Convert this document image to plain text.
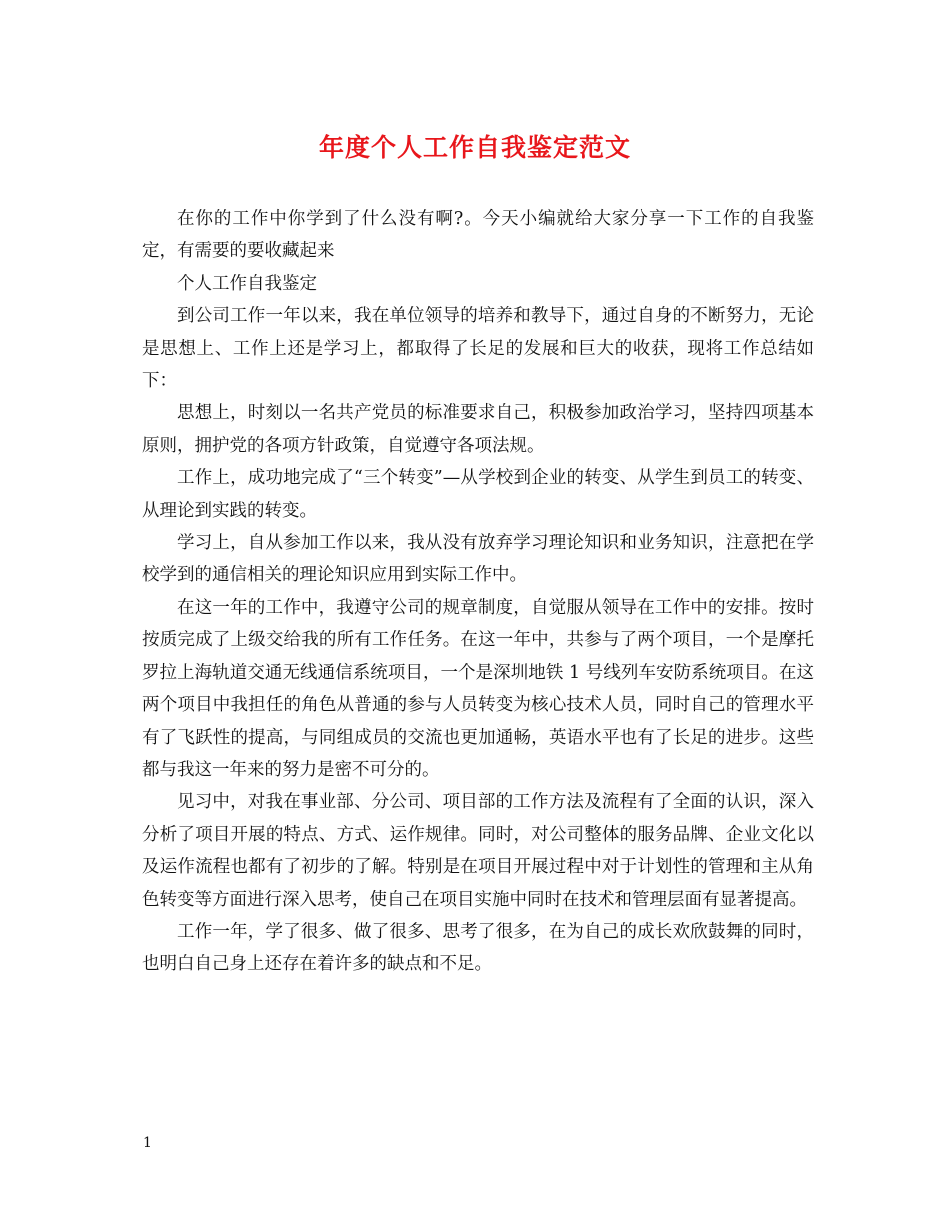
年度个人工作自我鉴定范文

在你的工作中你学到了什么没有啊?。今天小编就给大家分享一下工作的自我鉴定，有需要的要收藏起来

个人工作自我鉴定

到公司工作一年以来，我在单位领导的培养和教导下，通过自身的不断努力，无论是思想上、工作上还是学习上，都取得了长足的发展和巨大的收获，现将工作总结如下：

思想上，时刻以一名共产党员的标准要求自己，积极参加政治学习，坚持四项基本原则，拥护党的各项方针政策，自觉遵守各项法规。

工作上，成功地完成了“三个转变”—从学校到企业的转变、从学生到员工的转变、从理论到实践的转变。

学习上，自从参加工作以来，我从没有放弃学习理论知识和业务知识，注意把在学校学到的通信相关的理论知识应用到实际工作中。

在这一年的工作中，我遵守公司的规章制度，自觉服从领导在工作中的安排。按时按质完成了上级交给我的所有工作任务。在这一年中，共参与了两个项目，一个是摩托罗拉上海轨道交通无线通信系统项目，一个是深圳地铁 1 号线列车安防系统项目。在这两个项目中我担任的角色从普通的参与人员转变为核心技术人员，同时自己的管理水平有了飞跃性的提高，与同组成员的交流也更加通畅，英语水平也有了长足的进步。这些都与我这一年来的努力是密不可分的。

见习中，对我在事业部、分公司、项目部的工作方法及流程有了全面的认识，深入分析了项目开展的特点、方式、运作规律。同时，对公司整体的服务品牌、企业文化以及运作流程也都有了初步的了解。特别是在项目开展过程中对于计划性的管理和主从角色转变等方面进行深入思考，使自己在项目实施中同时在技术和管理层面有显著提高。

工作一年，学了很多、做了很多、思考了很多，在为自己的成长欢欣鼓舞的同时，也明白自己身上还存在着许多的缺点和不足。

1
